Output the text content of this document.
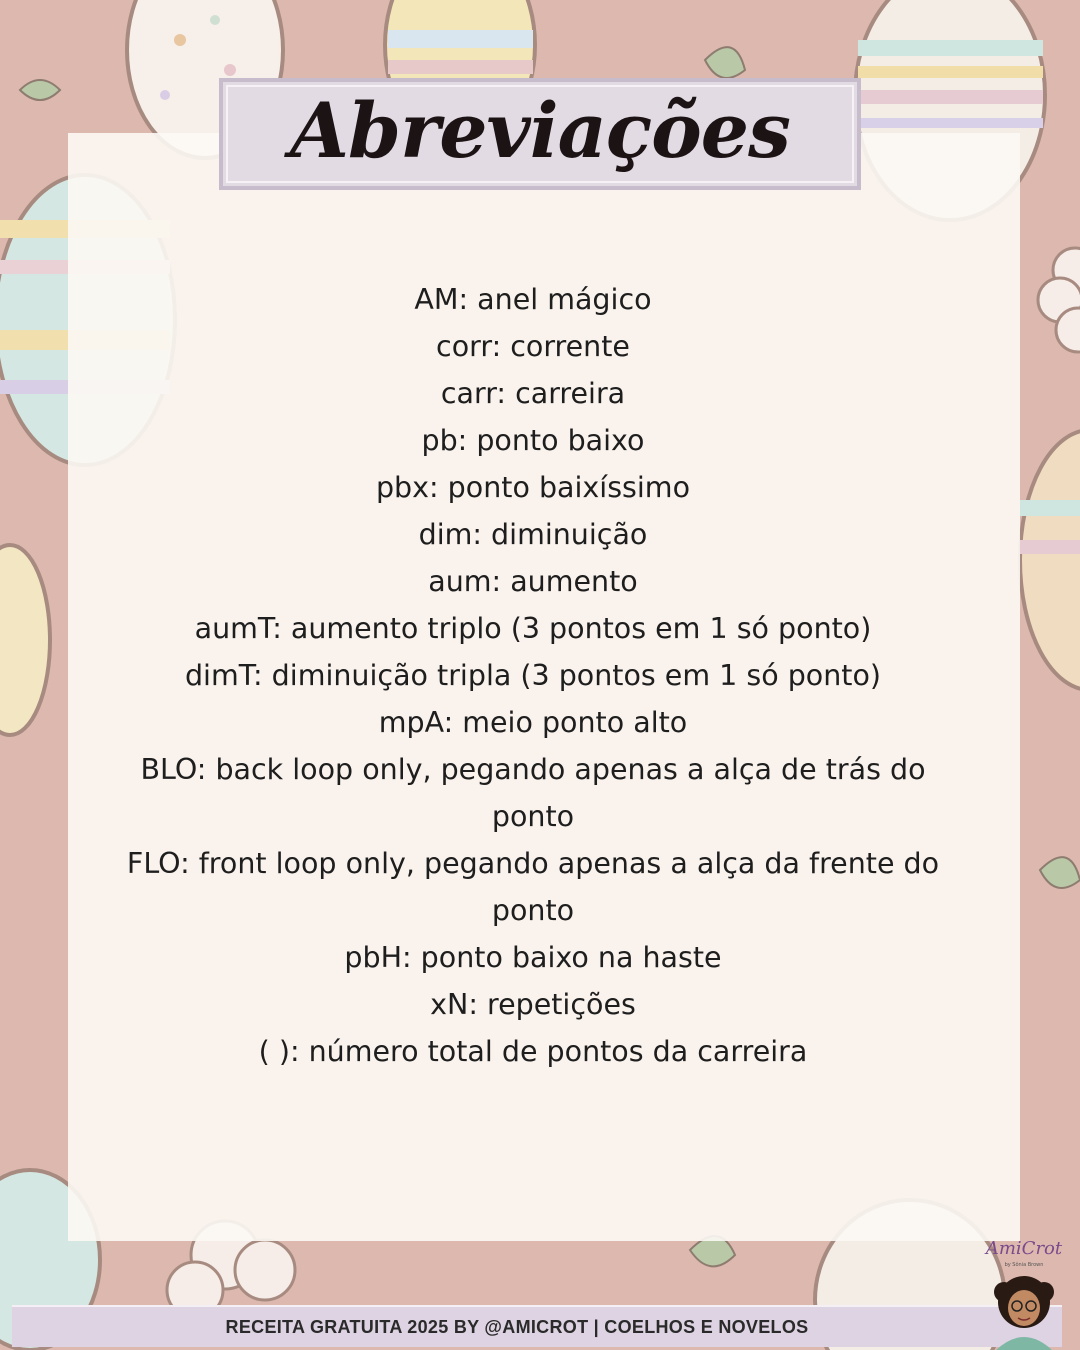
Abreviações
AM: anel mágico
corr: corrente
carr: carreira
pb: ponto baixo
pbx: ponto baixíssimo
dim: diminuição
aum: aumento
aumT: aumento triplo (3 pontos em 1 só ponto)
dimT: diminuição tripla (3 pontos em 1 só ponto)
mpA: meio ponto alto
BLO: back loop only, pegando apenas a alça de trás do ponto
FLO: front loop only, pegando apenas a alça da frente do ponto
pbH: ponto baixo na haste
xN: repetições
( ): número total de pontos da carreira
RECEITA GRATUITA 2025 BY @AMICROT | COELHOS E NOVELOS
AmiCrot
by Sônia Brown
